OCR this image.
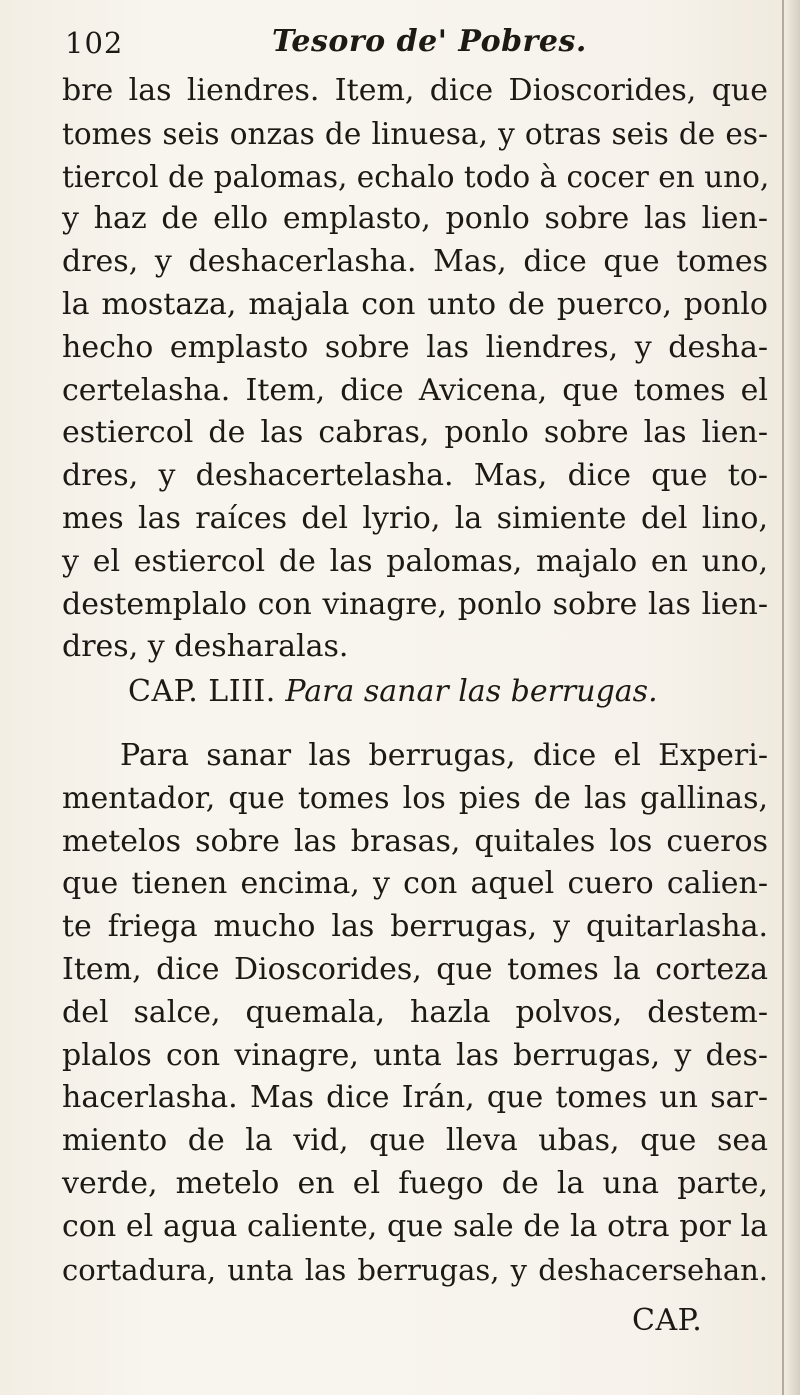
102	Tesoro de' Pobres.
bre las liendres. Item, dice Dioscorides, que
tomes seis onzas de linuesa, y otras seis de es-
tiercol de palomas, echalo todo à cocer en uno,
y haz de ello emplasto, ponlo sobre las lien-
dres, y deshacerlasha. Mas, dice que tomes
la mostaza, majala con unto de puerco, ponlo
hecho emplasto sobre las liendres, y desha-
certelasha. Item, dice Avicena, que tomes el
estiercol de las cabras, ponlo sobre las lien-
dres, y deshacertelasha. Mas, dice que to-
mes las raíces del lyrio, la simiente del lino,
y el estiercol de las palomas, majalo en uno,
destemplalo con vinagre, ponlo sobre las lien-
dres, y desharalas.
CAP. LIII. Para sanar las berrugas.
Para sanar las berrugas, dice el Experi-
mentador, que tomes los pies de las gallinas,
metelos sobre las brasas, quitales los cueros
que tienen encima, y con aquel cuero calien-
te friega mucho las berrugas, y quitarlasha.
Item, dice Dioscorides, que tomes la corteza
del salce, quemala, hazla polvos, destem-
plalos con vinagre, unta las berrugas, y des-
hacerlasha. Mas dice Irán, que tomes un sar-
miento de la vid, que lleva ubas, que sea
verde, metelo en el fuego de la una parte,
con el agua caliente, que sale de la otra por la
cortadura, unta las berrugas, y deshacersehan.
CAP.
